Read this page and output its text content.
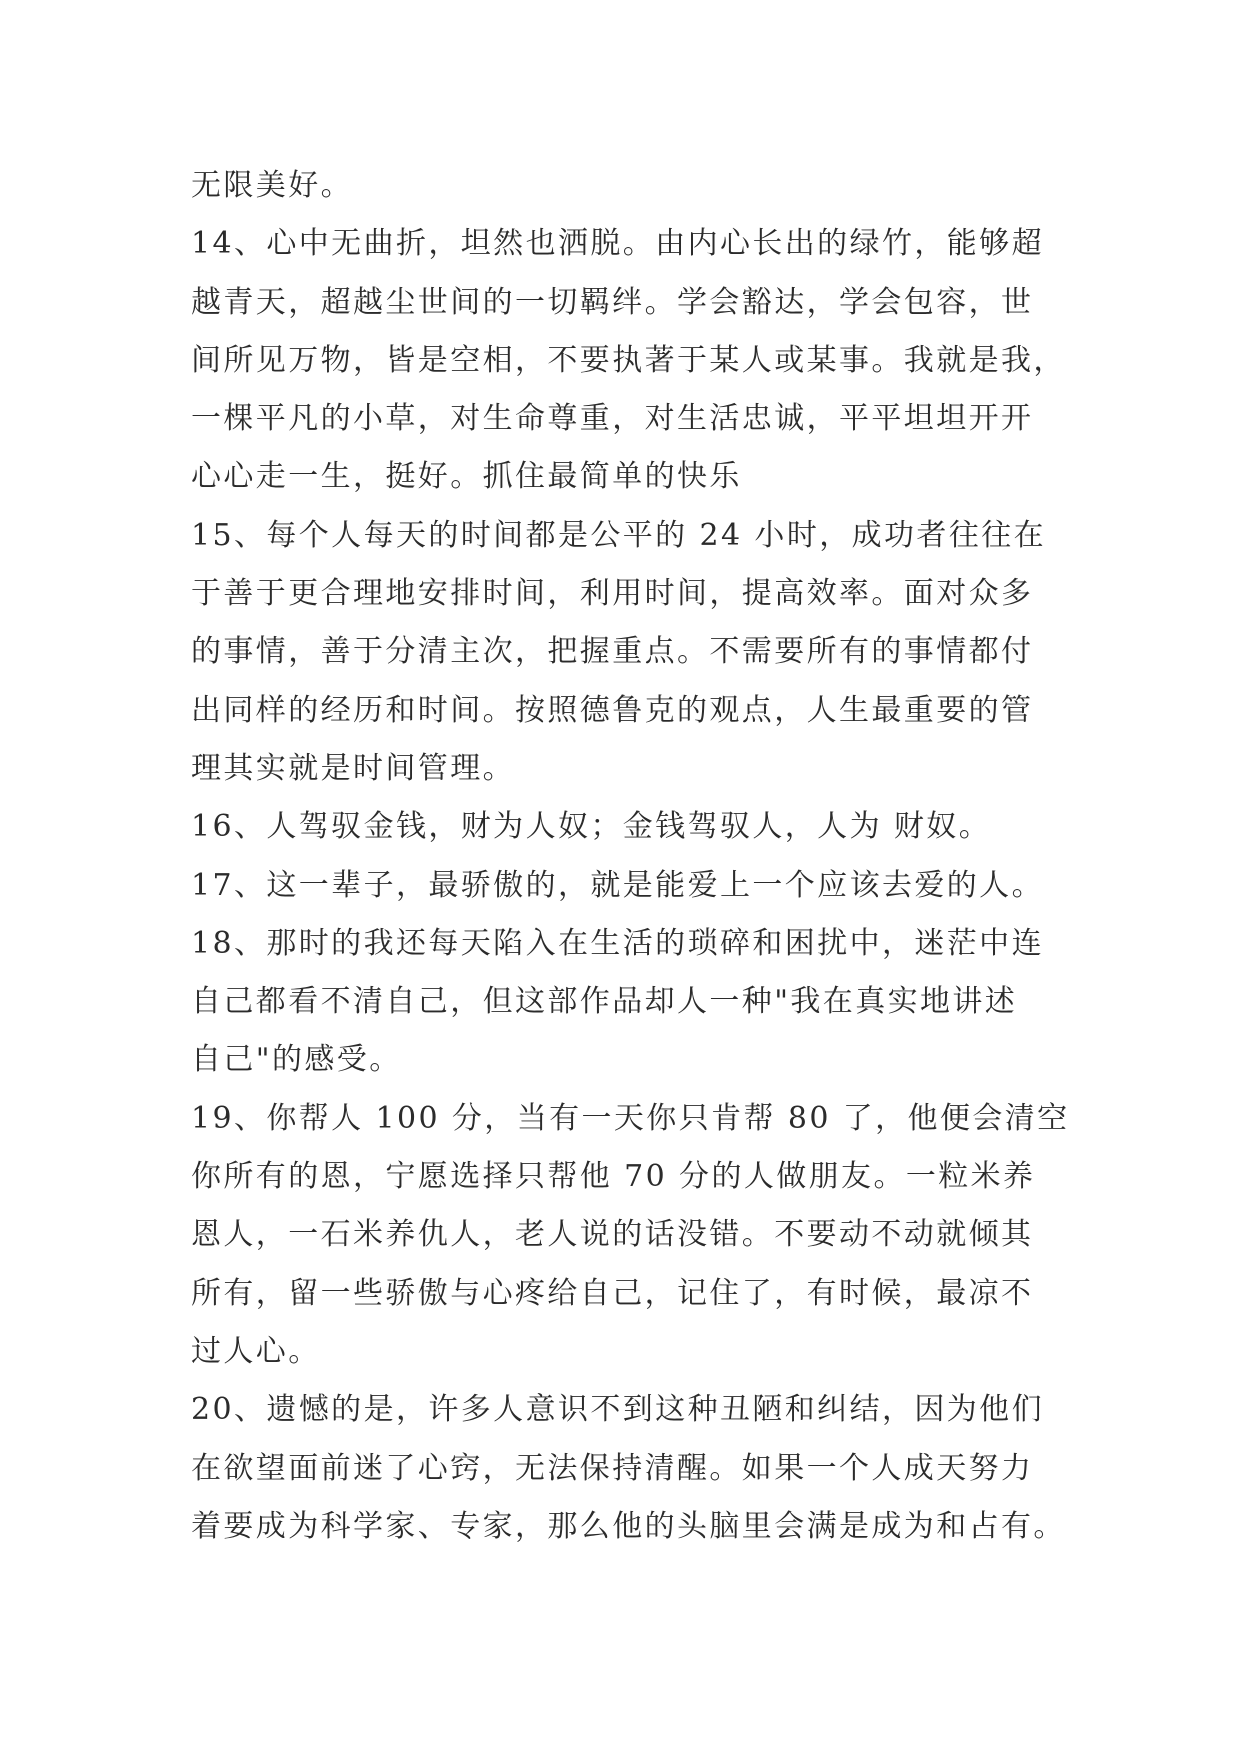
无限美好。
14、心中无曲折，坦然也洒脱。由内心长出的绿竹，能够超
越青天，超越尘世间的一切羁绊。学会豁达，学会包容，世
间所见万物，皆是空相，不要执著于某人或某事。我就是我，
一棵平凡的小草，对生命尊重，对生活忠诚，平平坦坦开开
心心走一生，挺好。抓住最简单的快乐
15、每个人每天的时间都是公平的 24 小时，成功者往往在
于善于更合理地安排时间，利用时间，提高效率。面对众多
的事情，善于分清主次，把握重点。不需要所有的事情都付
出同样的经历和时间。按照德鲁克的观点，人生最重要的管
理其实就是时间管理。
16、人驾驭金钱，财为人奴；金钱驾驭人，人为 财奴。
17、这一辈子，最骄傲的，就是能爱上一个应该去爱的人。
18、那时的我还每天陷入在生活的琐碎和困扰中，迷茫中连
自己都看不清自己，但这部作品却人一种"我在真实地讲述
自己"的感受。
19、你帮人 100 分，当有一天你只肯帮 80 了，他便会清空
你所有的恩，宁愿选择只帮他 70 分的人做朋友。一粒米养
恩人，一石米养仇人，老人说的话没错。不要动不动就倾其
所有，留一些骄傲与心疼给自己，记住了，有时候，最凉不
过人心。
20、遗憾的是，许多人意识不到这种丑陋和纠结，因为他们
在欲望面前迷了心窍，无法保持清醒。如果一个人成天努力
着要成为科学家、专家，那么他的头脑里会满是成为和占有。
